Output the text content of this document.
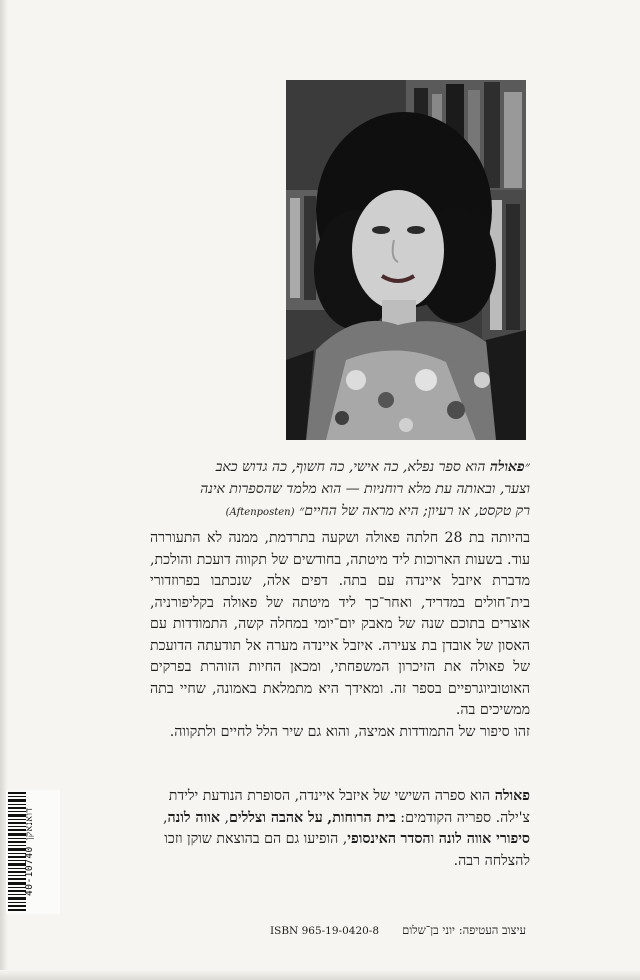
״פאולה הוא ספר נפלא, כה אישי, כה חשוף, כה גדוש כאב
וצער, ובאותה עת מלא רוחניות — הוא מלמד שהספרות אינה
רק טקסט, או רעיון; היא מראה של החיים״ (Aftenposten)
בהיותה בת 28 חלתה פאולה ושקעה בתרדמת, ממנה לא התעוררה עוד. בשעות הארוכות ליד מיטתה, בחודשים של תקווה דועכת והולכת, מדברת איזבל איינדה עם בתה. דפים אלה, שנכתבו בפרוזדורי בית־חולים במדריד, ואחר־כך ליד מיטתה של פאולה בקליפורניה, אוצרים בתוכם שנה של מאבק יום־יומי במחלה קשה, התמודדות עם האסון של אובדן בת צעירה. איזבל איינדה מערה אל תודעתה הדועכת של פאולה את הזיכרון המשפחתי, ומכאן החיות הזוהרת בפרקים האוטוביוגרפיים בספר זה. ומאידך היא מתמלאת באמונה, שחיי בתה ממשיכים בה.
זהו סיפור של התמודדות אמיצה, והוא גם שיר הלל לחיים ולתקווה.
פאולה הוא ספרה השישי של איזבל איינדה, הסופרת הנודעת ילידת צ'ילה. ספריה הקודמים: בית הרוחות, על אהבה וצללים, אווה לונה, סיפורי אווה לונה והסדר האינסופי, הופיעו גם הם בהוצאת שוקן וזכו להצלחה רבה.
40-10740 דואנאקן
ISBN 965-19-0420-8 עיצוב העטיפה: יוני בן־שלום
